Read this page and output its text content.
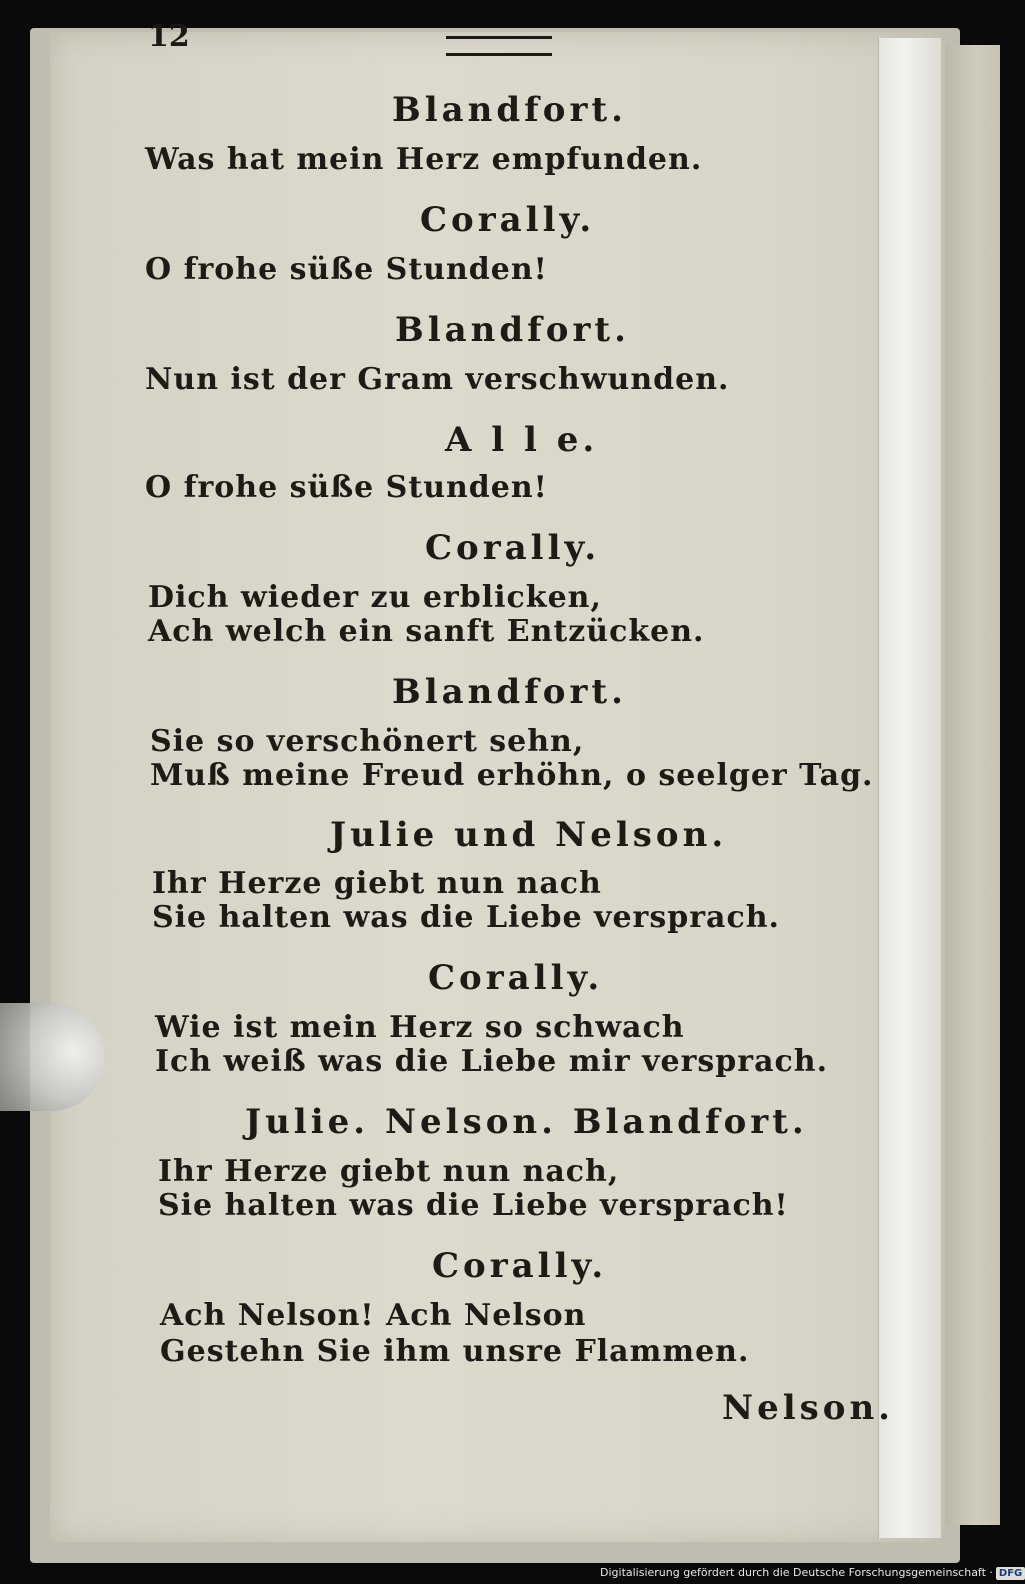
12
Blandfort.
Was hat mein Herz empfunden.
Corally.
O frohe süße Stunden!
Blandfort.
Nun ist der Gram verschwunden.
A l l e.
O frohe süße Stunden!
Corally.
Dich wieder zu erblicken,
Ach welch ein sanft Entzücken.
Blandfort.
Sie so verschönert sehn,
Muß meine Freud erhöhn, o seelger Tag.
Julie und Nelson.
Ihr Herze giebt nun nach
Sie halten was die Liebe versprach.
Corally.
Wie ist mein Herz so schwach
Ich weiß was die Liebe mir versprach.
Julie. Nelson. Blandfort.
Ihr Herze giebt nun nach,
Sie halten was die Liebe versprach!
Corally.
Ach Nelson! Ach Nelson
Gestehn Sie ihm unsre Flammen.
Nelson.
Digitalisierung gefördert durch die Deutsche Forschungsgemeinschaft · DFG
